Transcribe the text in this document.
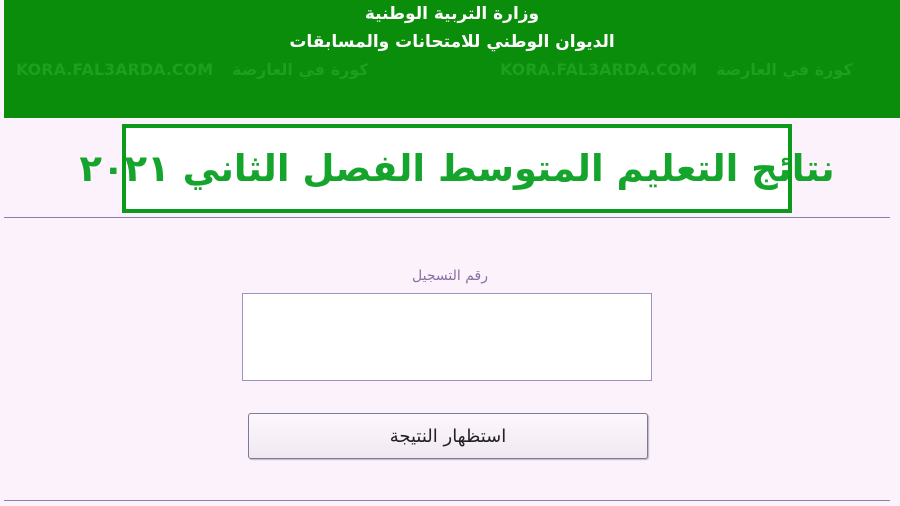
وزارة التربية الوطنية
الديوان الوطني للامتحانات والمسابقات
KORA.FAL3ARDA.COM كورة في العارضة	KORA.FAL3ARDA.COM كورة في العارضة
نتائج التعليم المتوسط الفصل الثاني ٢٠٢١
رقم التسجيل
استظهار النتيجة
